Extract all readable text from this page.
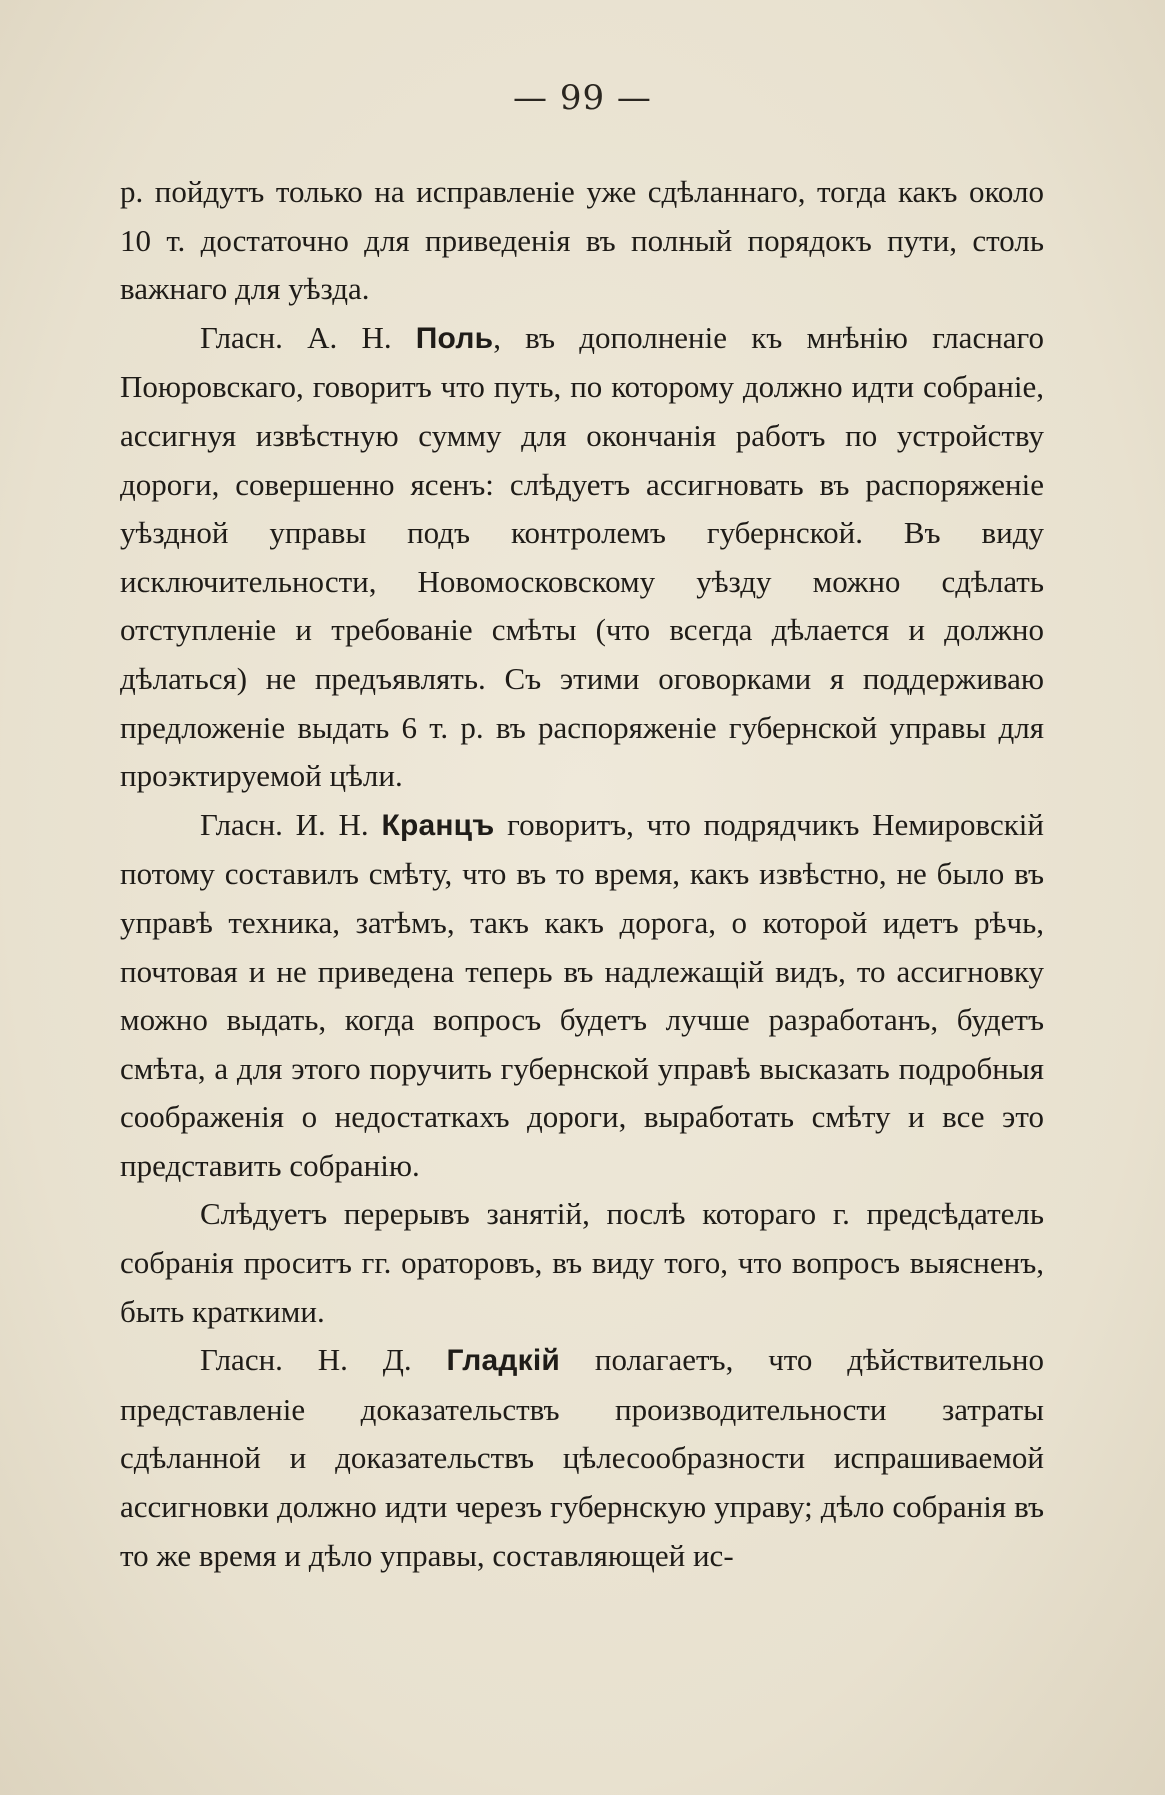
— 99 —

р. пойдутъ только на исправленіе уже сдѣланнаго, тогда какъ около 10 т. достаточно для приведенія въ полный порядокъ пути, столь важнаго для уѣзда.

Гласн. А. Н. Поль, въ дополненіе къ мнѣнію гласнаго Поюровскаго, говоритъ что путь, по которому должно идти собраніе, ассигнуя извѣстную сумму для окончанія работъ по устройству дороги, совершенно ясенъ: слѣдуетъ ассигновать въ распоряженіе уѣздной управы подъ контролемъ губернской. Въ виду исключительности, Новомосковскому уѣзду можно сдѣлать отступленіе и требованіе смѣты (что всегда дѣлается и должно дѣлаться) не предъявлять. Съ этими оговорками я поддерживаю предложеніе выдать 6 т. р. въ распоряженіе губернской управы для проэктируемой цѣли.

Гласн. И. Н. Кранцъ говоритъ, что подрядчикъ Немировскій потому составилъ смѣту, что въ то время, какъ извѣстно, не было въ управѣ техника, затѣмъ, такъ какъ дорога, о которой идетъ рѣчь, почтовая и не приведена теперь въ надлежащій видъ, то ассигновку можно выдать, когда вопросъ будетъ лучше разработанъ, будетъ смѣта, а для этого поручить губернской управѣ высказать подробныя соображенія о недостаткахъ дороги, выработать смѣту и все это представить собранію.

Слѣдуетъ перерывъ занятій, послѣ котораго г. предсѣдатель собранія проситъ гг. ораторовъ, въ виду того, что вопросъ выясненъ, быть краткими.

Гласн. Н. Д. Гладкій полагаетъ, что дѣйствительно представленіе доказательствъ производительности затраты сдѣланной и доказательствъ цѣлесообразности испрашиваемой ассигновки должно идти черезъ губернскую управу; дѣло собранія въ то же время и дѣло управы, составляющей ис-
